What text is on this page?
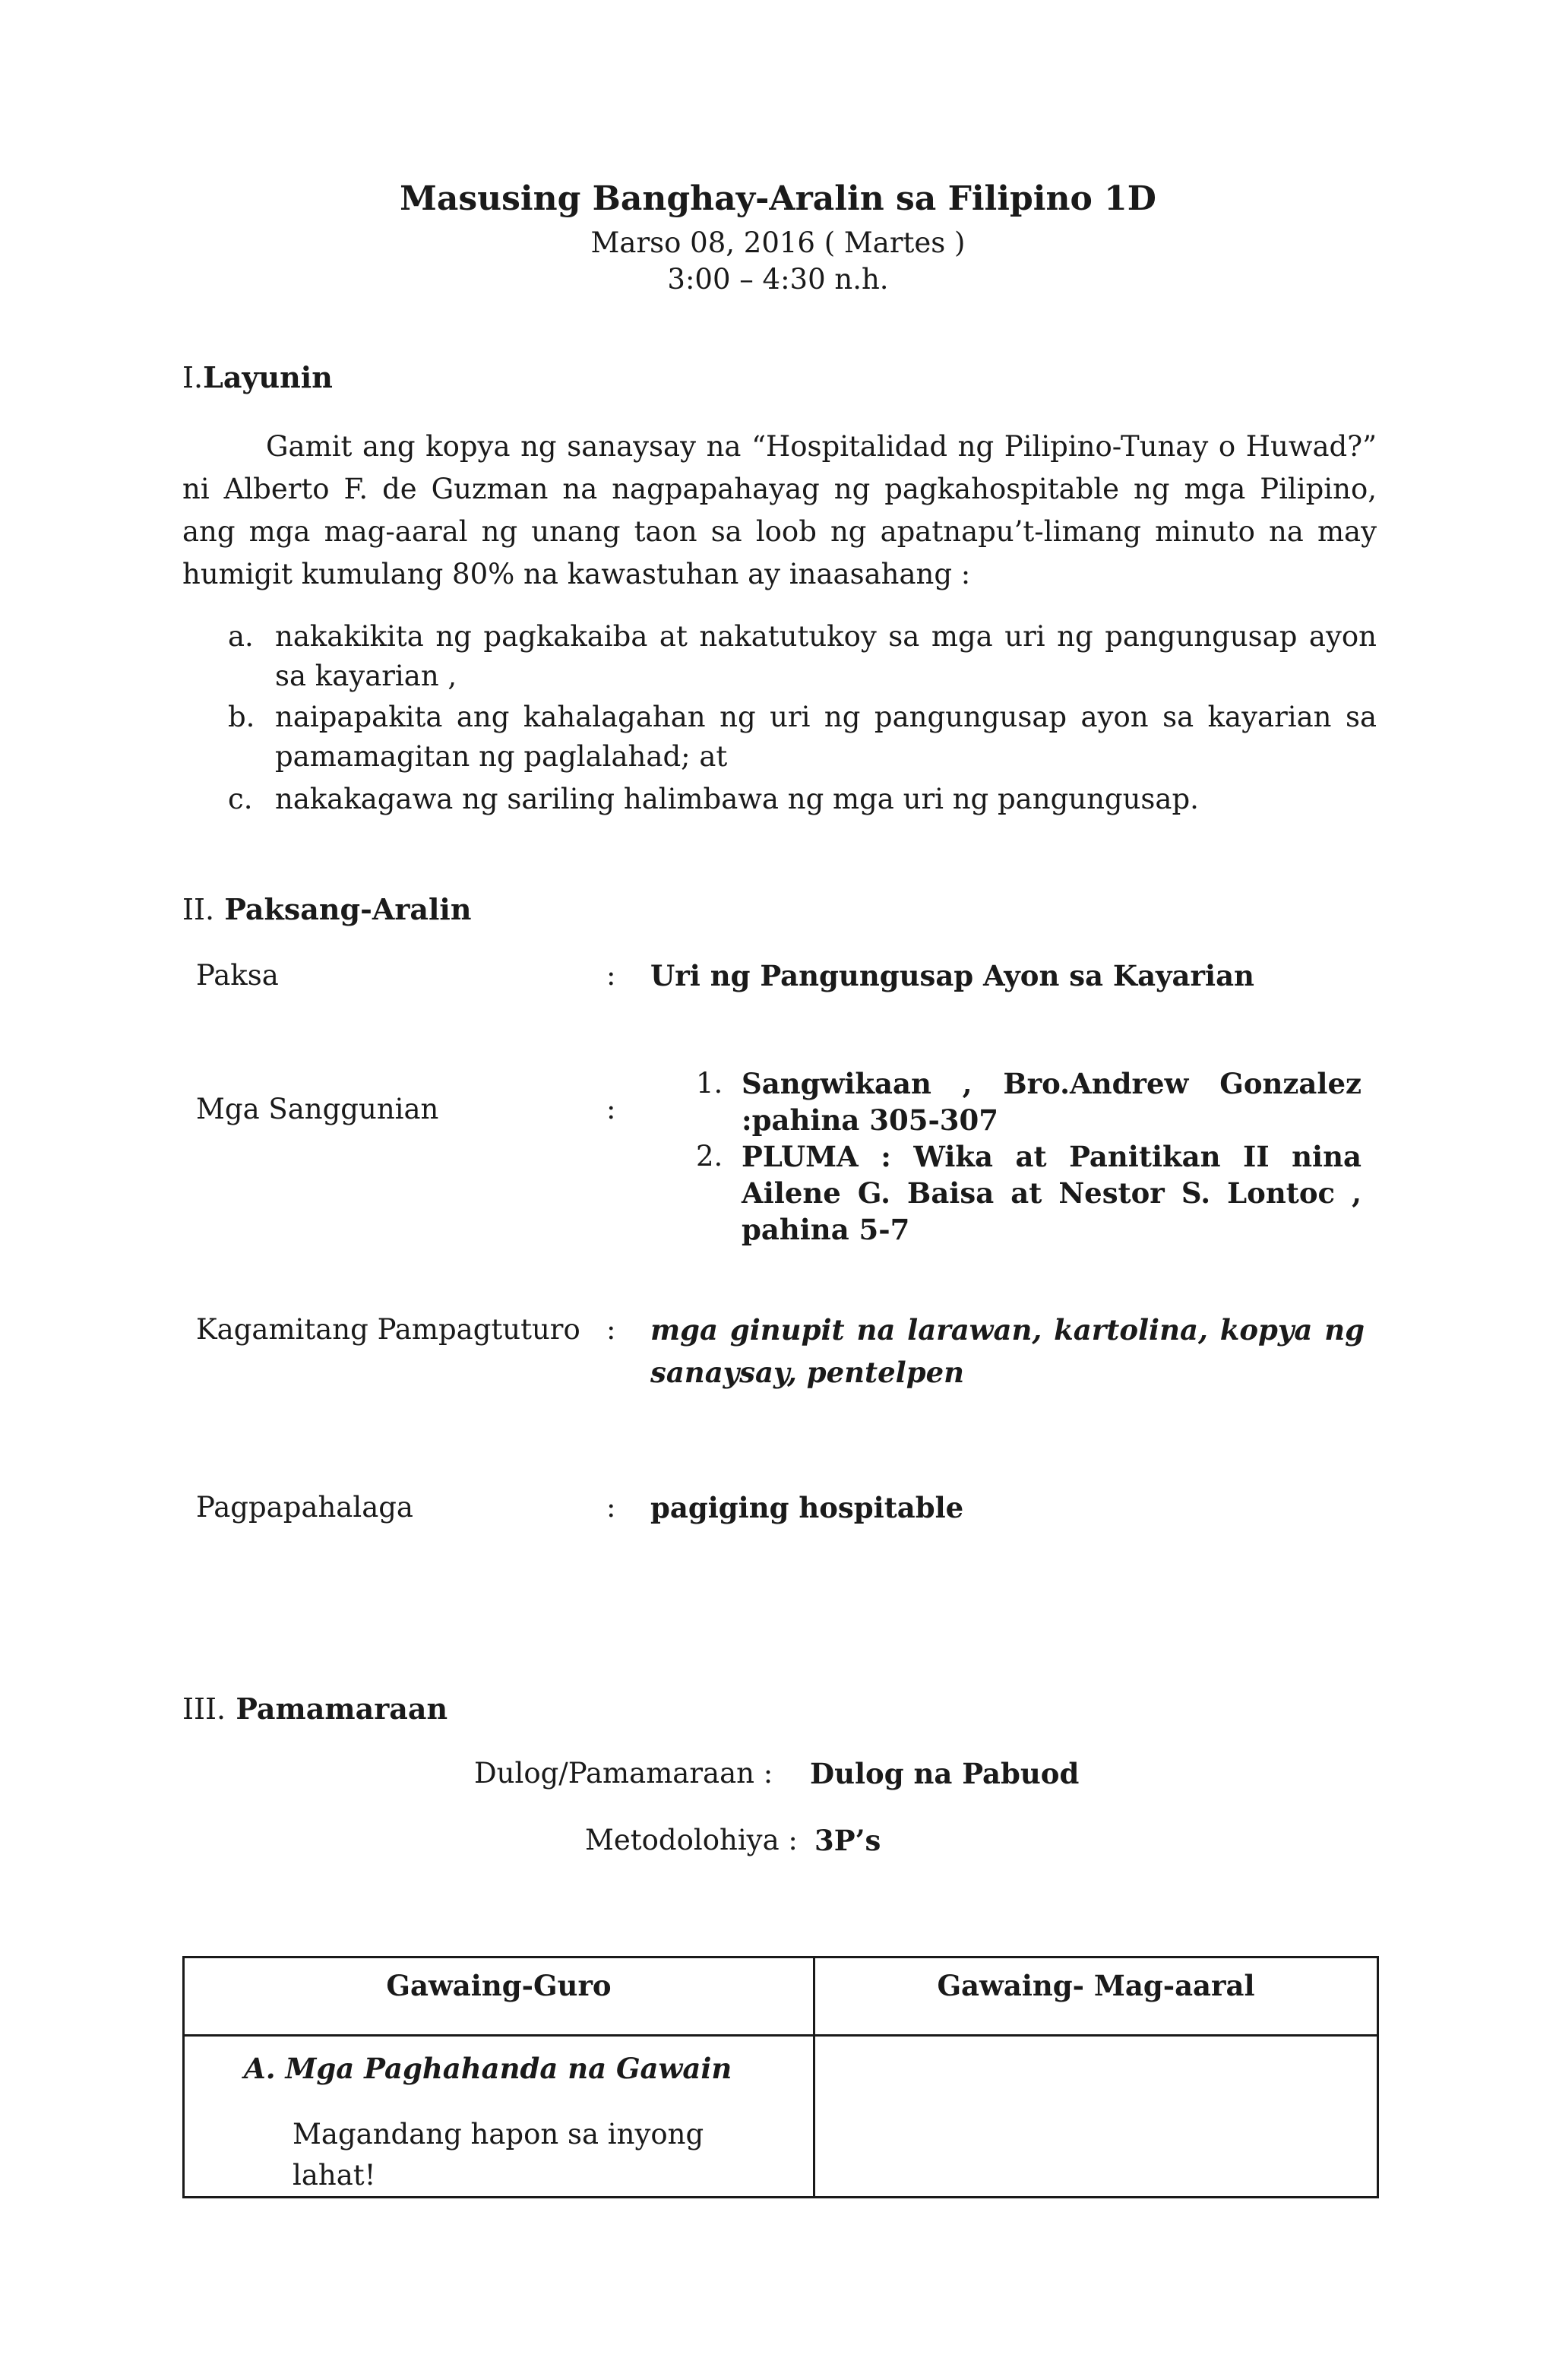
Masusing Banghay-Aralin sa Filipino 1D
Marso 08, 2016 ( Martes )
3:00 – 4:30 n.h.
I.Layunin
Gamit ang kopya ng sanaysay na “Hospitalidad ng Pilipino-Tunay o Huwad?” ni Alberto F. de Guzman na nagpapahayag ng pagkahospitable ng mga Pilipino, ang mga mag-aaral ng unang taon sa loob ng apatnapu’t-limang minuto na may humigit kumulang 80% na kawastuhan ay inaasahang :
a. nakakikita ng pagkakaiba at nakatutukoy sa mga uri ng pangungusap ayon sa kayarian ,
b. naipapakita ang kahalagahan ng uri ng pangungusap ayon sa kayarian sa pamamagitan ng paglalahad; at
c. nakakagawa ng sariling halimbawa ng mga uri ng pangungusap.
II. Paksang-Aralin
Paksa	: Uri ng Pangungusap Ayon sa Kayarian
Mga Sanggunian	:
1. Sangwikaan , Bro.Andrew Gonzalez :pahina 305-307
2. PLUMA : Wika at Panitikan II nina Ailene G. Baisa at Nestor S. Lontoc , pahina 5-7
Kagamitang Pampagtuturo : mga ginupit na larawan, kartolina, kopya ng sanaysay, pentelpen
Pagpapahalaga	: pagiging hospitable
III. Pamamaraan
Dulog/Pamamaraan : Dulog na Pabuod
Metodolohiya : 3P’s
Gawaing-Guro	Gawaing- Mag-aaral

A. Mga Paghahanda na Gawain
Magandang hapon sa inyong lahat!	
